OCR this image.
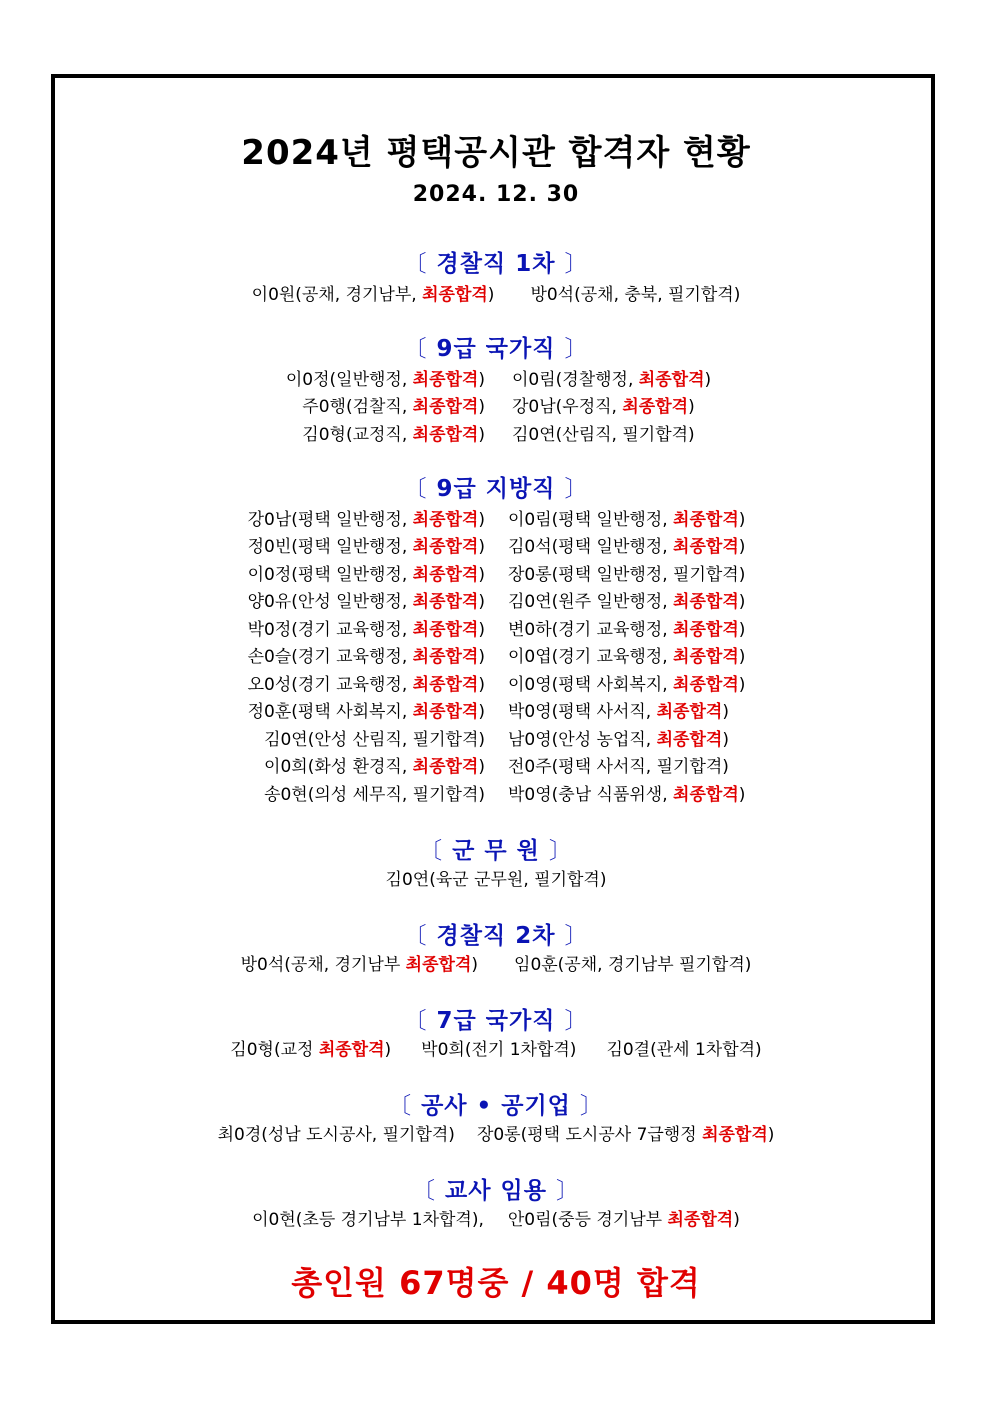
2024년 평택공시관 합격자 현황
2024. 12. 30
〔 경찰직 1차 〕
이0원(공채, 경기남부, 최종합격) 방0석(공채, 충북, 필기합격)
〔 9급 국가직 〕
이0정(일반행정, 최종합격) 이0림(경찰행정, 최종합격)
주0행(검찰직, 최종합격) 강0남(우정직, 최종합격)
김0형(교정직, 최종합격) 김0연(산림직, 필기합격)
〔 9급 지방직 〕
강0남(평택 일반행정, 최종합격) 이0림(평택 일반행정, 최종합격)
정0빈(평택 일반행정, 최종합격) 김0석(평택 일반행정, 최종합격)
이0정(평택 일반행정, 최종합격) 장0롱(평택 일반행정, 필기합격)
양0유(안성 일반행정, 최종합격) 김0연(원주 일반행정, 최종합격)
박0정(경기 교육행정, 최종합격) 변0하(경기 교육행정, 최종합격)
손0슬(경기 교육행정, 최종합격) 이0엽(경기 교육행정, 최종합격)
오0성(경기 교육행정, 최종합격) 이0영(평택 사회복지, 최종합격)
정0훈(평택 사회복지, 최종합격) 박0영(평택 사서직, 최종합격)
김0연(안성 산림직, 필기합격) 남0영(안성 농업직, 최종합격)
이0희(화성 환경직, 최종합격) 전0주(평택 사서직, 필기합격)
송0현(의성 세무직, 필기합격) 박0영(충남 식품위생, 최종합격)
〔 군 무 원 〕
김0연(육군 군무원, 필기합격)
〔 경찰직 2차 〕
방0석(공채, 경기남부 최종합격) 임0훈(공채, 경기남부 필기합격)
〔 7급 국가직 〕
김0형(교정 최종합격) 박0희(전기 1차합격) 김0결(관세 1차합격)
〔 공사 • 공기업 〕
최0경(성남 도시공사, 필기합격) 장0롱(평택 도시공사 7급행정 최종합격)
〔 교사 임용 〕
이0현(초등 경기남부 1차합격), 안0림(중등 경기남부 최종합격)
총인원 67명중 / 40명 합격
